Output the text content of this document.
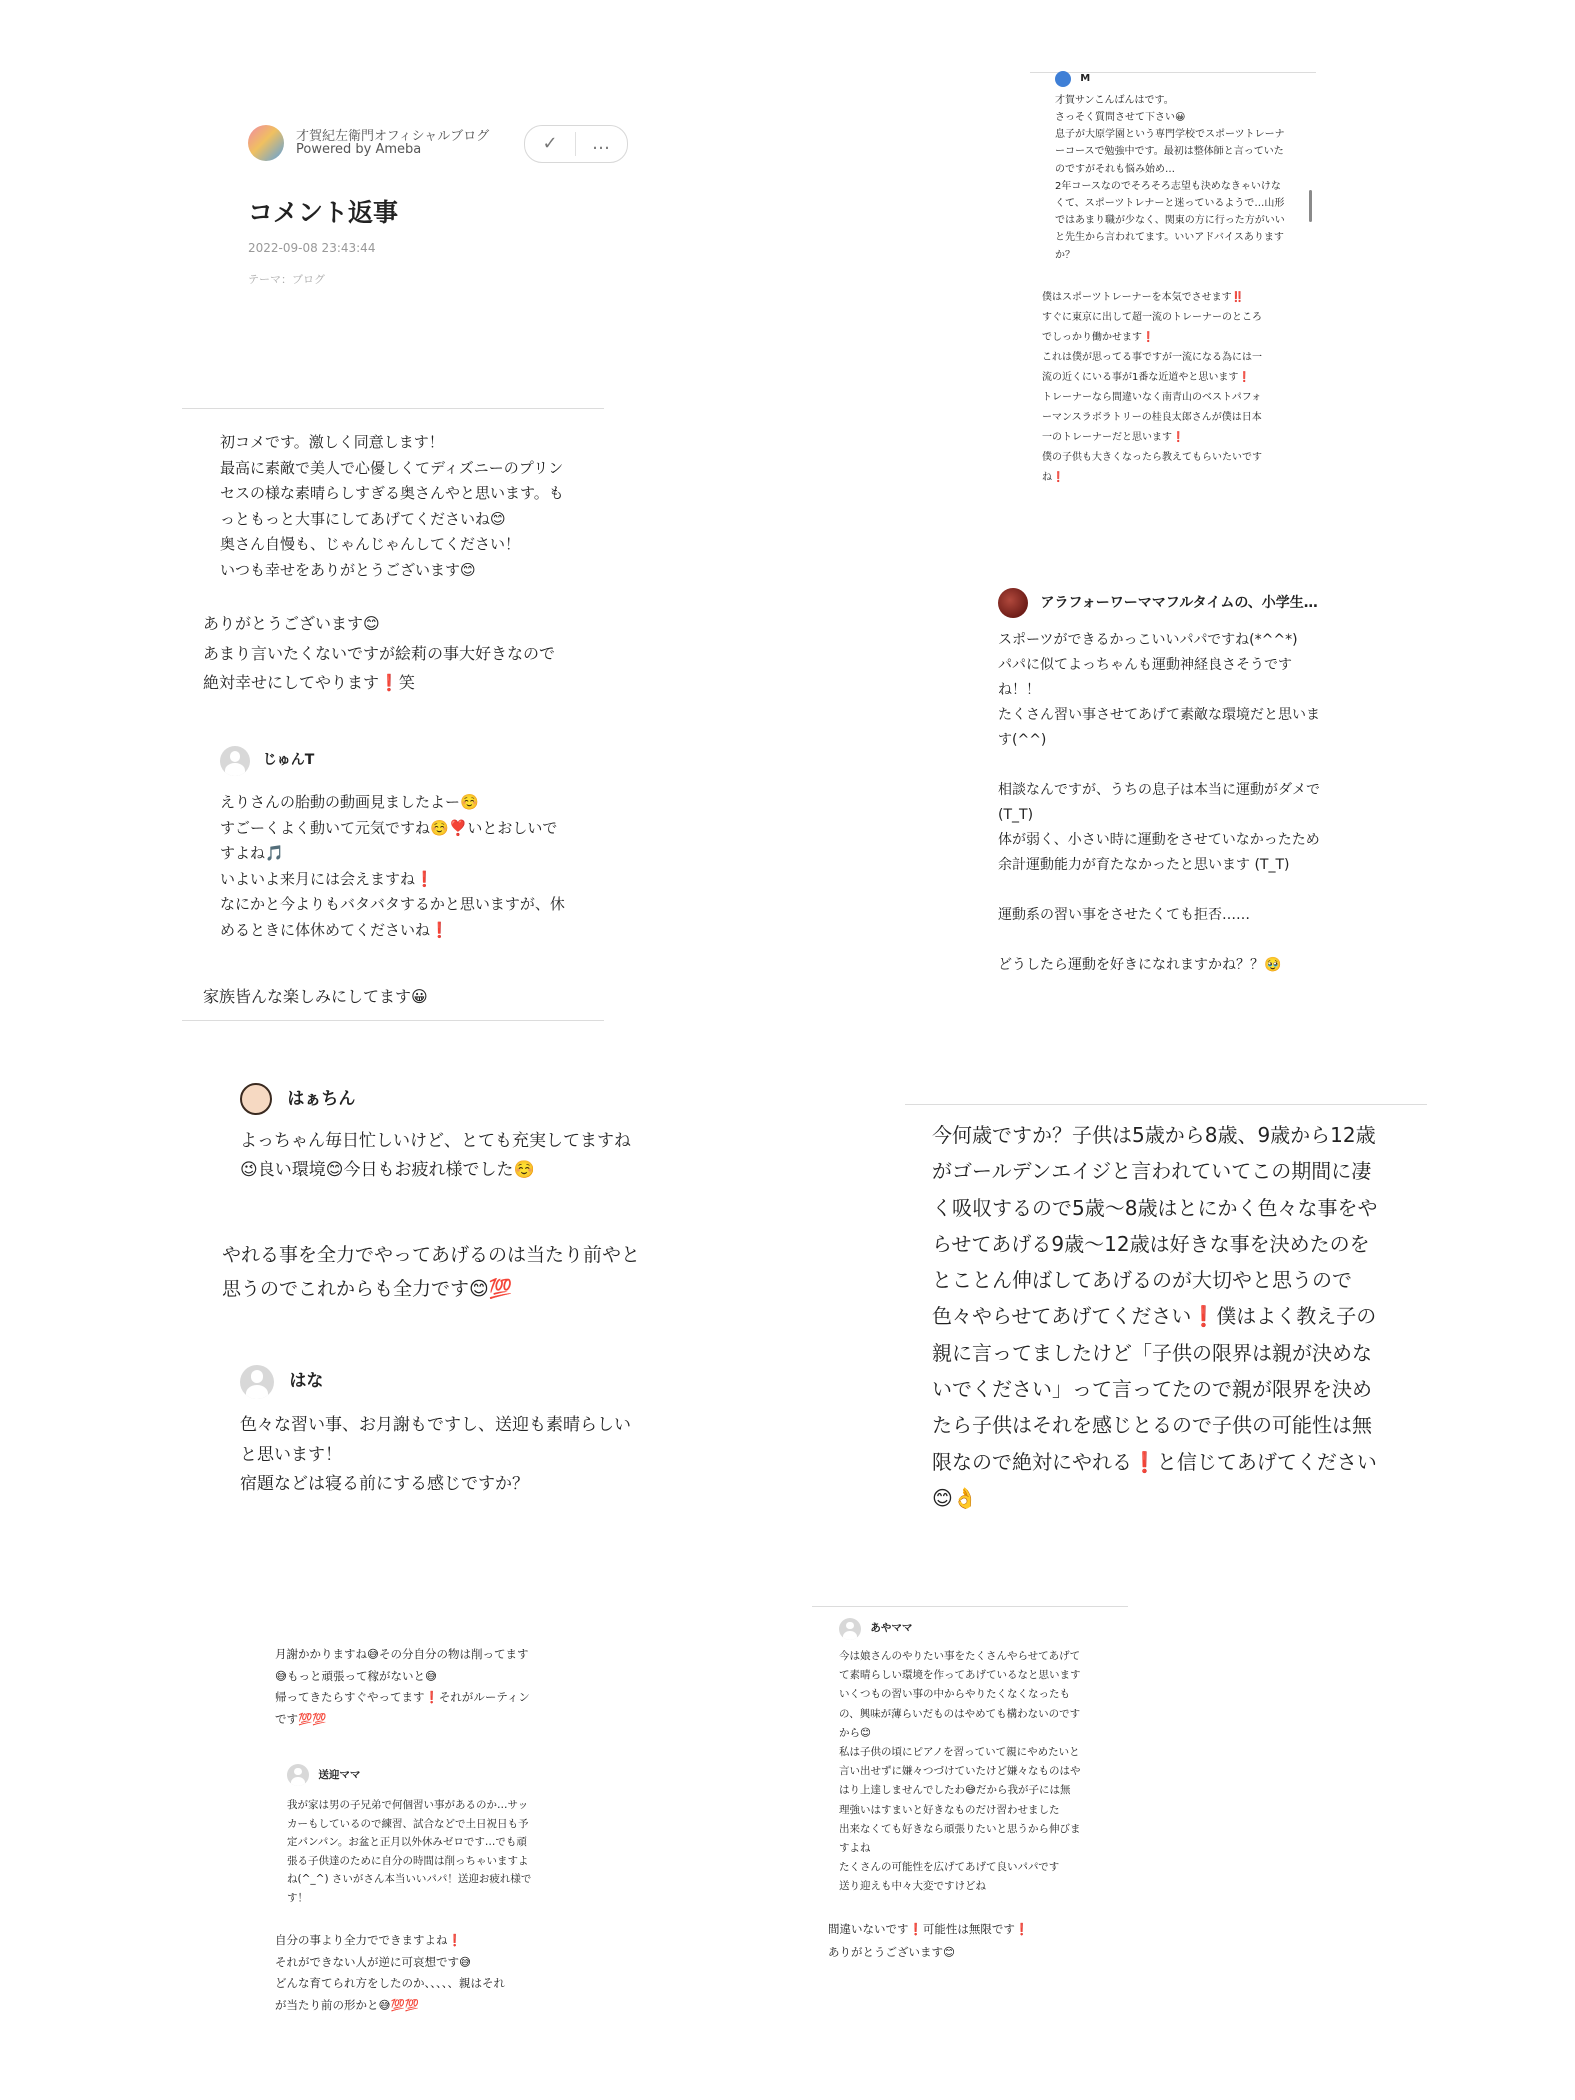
才賀紀左衛門オフィシャルブログ
Powered by Ameba	✓	…
コメント返事
2022-09-08 23:43:44
テーマ：ブログ
初コメです。激しく同意します！
最高に素敵で美人で心優しくてディズニーのプリン
セスの様な素晴らしすぎる奥さんやと思います。も
っともっと大事にしてあげてくださいね😊
奥さん自慢も、じゃんじゃんしてください！
いつも幸せをありがとうございます😊
ありがとうございます😊
あまり言いたくないですが絵莉の事大好きなので
絶対幸せにしてやります❗️笑
じゅんT
えりさんの胎動の動画見ましたよー☺️
すごーくよく動いて元気ですね☺️❣️いとおしいで
すよね🎵
いよいよ来月には会えますね❗️
なにかと今よりもバタバタするかと思いますが、休
めるときに体休めてくださいね❗️
家族皆んな楽しみにしてます😀
M
才賀サンこんばんはです。
さっそく質問させて下さい😀
息子が大原学園という専門学校でスポーツトレーナ
ーコースで勉強中です。最初は整体師と言っていた
のですがそれも悩み始め…
2年コースなのでそろそろ志望も決めなきゃいけな
くて、スポーツトレナーと迷っているようで…山形
ではあまり職が少なく、関東の方に行った方がいい
と先生から言われてます。いいアドバイスあります
か？
僕はスポーツトレーナーを本気でさせます‼️
すぐに東京に出して超一流のトレーナーのところ
でしっかり働かせます❗️
これは僕が思ってる事ですが一流になる為には一
流の近くにいる事が1番な近道やと思います❗️
トレーナーなら間違いなく南青山のベストパフォ
ーマンスラボラトリーの桂良太郎さんが僕は日本
一のトレーナーだと思います❗️
僕の子供も大きくなったら教えてもらいたいです
ね❗️
アラフォーワーママフルタイムの、小学生…
スポーツができるかっこいいパパですね(*^^*)
パパに似てよっちゃんも運動神経良さそうです
ね！！
たくさん習い事させてあげて素敵な環境だと思いま
す(^^)
相談なんですが、うちの息子は本当に運動がダメで
(T_T)
体が弱く、小さい時に運動をさせていなかったため
余計運動能力が育たなかったと思います (T_T)
運動系の習い事をさせたくても拒否……
どうしたら運動を好きになれますかね？？🥹
はぁちん
よっちゃん毎日忙しいけど、とても充実してますね
😉良い環境😊今日もお疲れ様でした☺️
やれる事を全力でやってあげるのは当たり前やと
思うのでこれからも全力です😊💯
はな
色々な習い事、お月謝もですし、送迎も素晴らしい
と思います！
宿題などは寝る前にする感じですか？
今何歳ですか？子供は5歳から8歳、9歳から12歳
がゴールデンエイジと言われていてこの期間に凄
く吸収するので5歳〜8歳はとにかく色々な事をや
らせてあげる9歳〜12歳は好きな事を決めたのを
とことん伸ばしてあげるのが大切やと思うので
色々やらせてあげてください❗️僕はよく教え子の
親に言ってましたけど「子供の限界は親が決めな
いでください」って言ってたので親が限界を決め
たら子供はそれを感じとるので子供の可能性は無
限なので絶対にやれる❗️と信じてあげてください
😊👌
月謝かかりますね😅その分自分の物は削ってます
😅もっと頑張って稼がないと😅
帰ってきたらすぐやってます❗️それがルーティン
です💯💯
送迎ママ
我が家は男の子兄弟で何個習い事があるのか…サッ
カーもしているので練習、試合などで土日祝日も予
定パンパン。お盆と正月以外休みゼロです…でも頑
張る子供達のために自分の時間は削っちゃいますよ
ね(^_^) さいがさん本当いいパパ！送迎お疲れ様で
す！
自分の事より全力でできますよね❗️
それができない人が逆に可哀想です😅
どんな育てられ方をしたのか、、、、、親はそれ
が当たり前の形かと😅💯💯
あやママ
今は娘さんのやりたい事をたくさんやらせてあげて
て素晴らしい環境を作ってあげているなと思います
いくつもの習い事の中からやりたくなくなったも
の、興味が薄らいだものはやめても構わないのです
から😊
私は子供の頃にピアノを習っていて親にやめたいと
言い出せずに嫌々つづけていたけど嫌々なものはや
はり上達しませんでしたわ😅だから我が子には無
理強いはすまいと好きなものだけ習わせました
出来なくても好きなら頑張りたいと思うから伸びま
すよね
たくさんの可能性を広げてあげて良いパパです
送り迎えも中々大変ですけどね
間違いないです❗️可能性は無限です❗️
ありがとうございます😊
